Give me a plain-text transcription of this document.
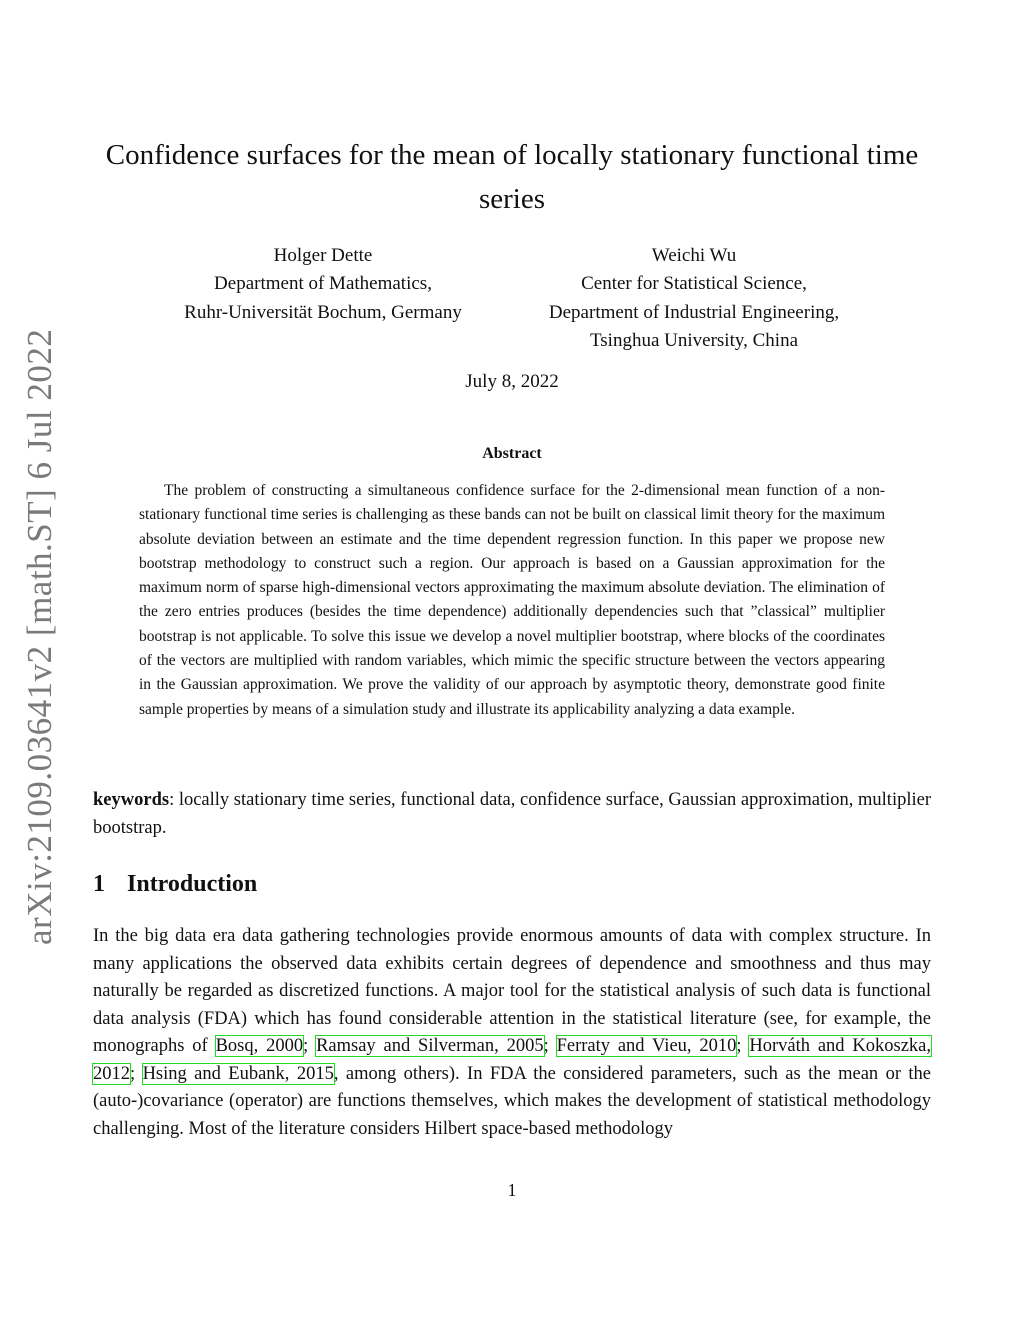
arXiv:2109.03641v2 [math.ST] 6 Jul 2022
Confidence surfaces for the mean of locally stationary functional time series
Holger Dette
Department of Mathematics,
Ruhr-Universität Bochum, Germany
Weichi Wu
Center for Statistical Science,
Department of Industrial Engineering,
Tsinghua University, China
July 8, 2022
Abstract

The problem of constructing a simultaneous confidence surface for the 2-dimensional mean function of a non-stationary functional time series is challenging as these bands can not be built on classical limit theory for the maximum absolute deviation between an estimate and the time dependent regression function. In this paper we propose new bootstrap methodology to construct such a region. Our approach is based on a Gaussian approximation for the maximum norm of sparse high-dimensional vectors approximating the maximum absolute deviation. The elimination of the zero entries produces (besides the time dependence) additionally dependencies such that ”classical” multiplier bootstrap is not applicable. To solve this issue we develop a novel multiplier bootstrap, where blocks of the coordinates of the vectors are multiplied with random variables, which mimic the specific structure between the vectors appearing in the Gaussian approximation. We prove the validity of our approach by asymptotic theory, demonstrate good finite sample properties by means of a simulation study and illustrate its applicability analyzing a data example.

keywords: locally stationary time series, functional data, confidence surface, Gaussian approximation, multiplier bootstrap.

1 Introduction

In the big data era data gathering technologies provide enormous amounts of data with complex structure. In many applications the observed data exhibits certain degrees of dependence and smoothness and thus may naturally be regarded as discretized functions. A major tool for the statistical analysis of such data is functional data analysis (FDA) which has found considerable attention in the statistical literature (see, for example, the monographs of Bosq, 2000; Ramsay and Silverman, 2005; Ferraty and Vieu, 2010; Horváth and Kokoszka, 2012; Hsing and Eubank, 2015, among others). In FDA the considered parameters, such as the mean or the (auto-)covariance (operator) are functions themselves, which makes the development of statistical methodology challenging. Most of the literature considers Hilbert space-based methodology

1
